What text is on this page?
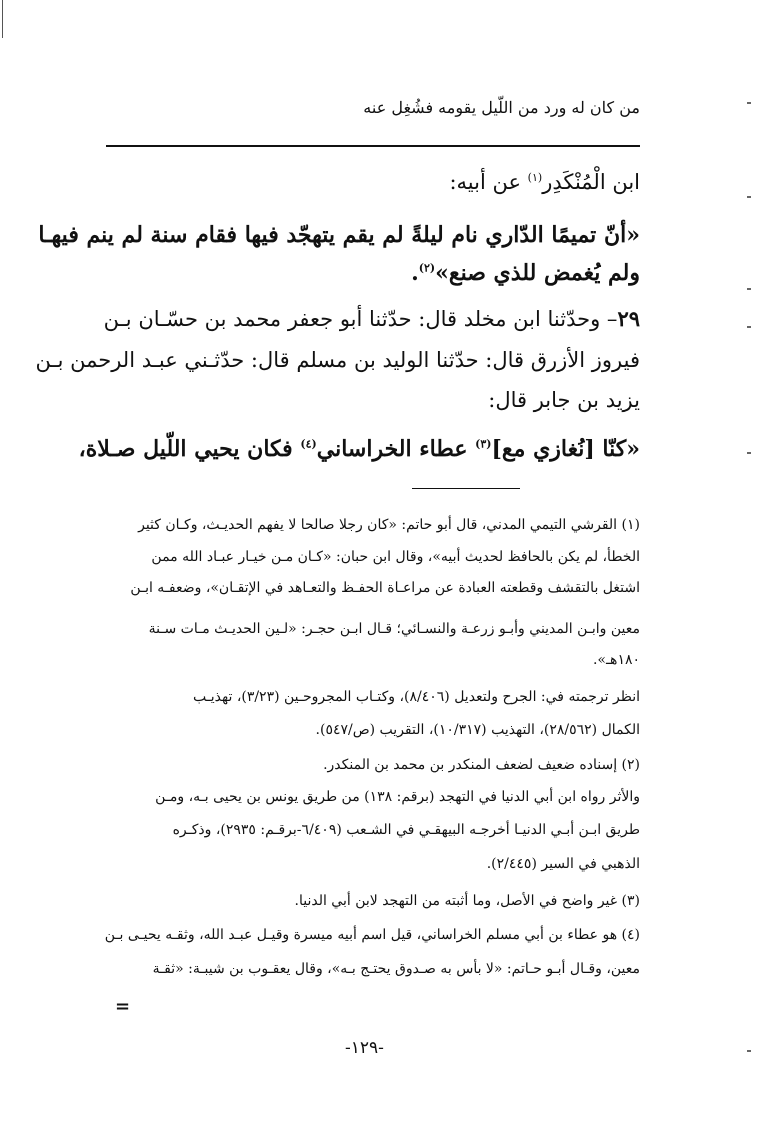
من كان له ورد من اللّيل يقومه فشُغِل عنه
ابن الْمُنْكَدِر$^{(١)}$ عن أبيه:
«أنّ تميمًا الدّاري نام ليلةً لم يقم يتهجّد فيها فقام سنة لم ينم فيهـا
ولم يُغمض للذي صنع»$^{(٢)}$.
٢٩– وحدّثنا ابن مخلد قال: حدّثنا أبو جعفر محمد بن حسّـان بـن
فيروز الأزرق قال: حدّثنا الوليد بن مسلم قال: حدّثـني عبـد الرحمن بـن
يزيد بن جابر قال:
«كنّا [نُغازي مع]$^{(٣)}$ عطاء الخراساني$^{(٤)}$ فكان يحيي اللّيل صـلاة،
(١) القرشي التيمي المدني، قال أبو حاتم: «كان رجلا صالحا لا يفهم الحديـث، وكـان كثير
الخطأ، لم يكن بالحافظ لحديث أبيه»، وقال ابن حبان: «كـان مـن خيـار عبـاد الله ممن
اشتغل بالتقشف وقطعته العبادة عن مراعـاة الحفـظ والتعـاهد في الإتقـان»، وضعفـه ابـن
معين وابـن المديني وأبـو زرعـة والنسـائي؛ قـال ابـن حجـر: «لـين الحديـث مـات سـنة
١٨٠هـ».
انظر ترجمته في: الجرح ولتعديل (٨/٤٠٦)، وكتـاب المجروحـين (٣/٢٣)، تهذيـب
الكمال (٢٨/٥٦٢)، التهذيب (١٠/٣١٧)، التقريب (ص/٥٤٧).
(٢) إسناده ضعيف لضعف المنكدر بن محمد بن المنكدر.
والأثر رواه ابن أبي الدنيا في التهجد (برقم: ١٣٨) من طريق يونس بن يحيى بـه، ومـن
طريق ابـن أبـي الدنيـا أخرجـه البيهقـي في الشـعب (٦/٤٠٩-برقـم: ٢٩٣٥)، وذكـره
الذهبي في السير (٢/٤٤٥).
(٣) غير واضح في الأصل، وما أثبته من التهجد لابن أبي الدنيا.
(٤) هو عطاء بن أبي مسلم الخراساني، قيل اسم أبيه ميسرة وقيـل عبـد الله، وثقـه يحيـى بـن
معين، وقـال أبـو حـاتم: «لا بأس به صـدوق يحتـج بـه»، وقال يعقـوب بن شيبـة: «ثقـة
=
-١٢٩-
